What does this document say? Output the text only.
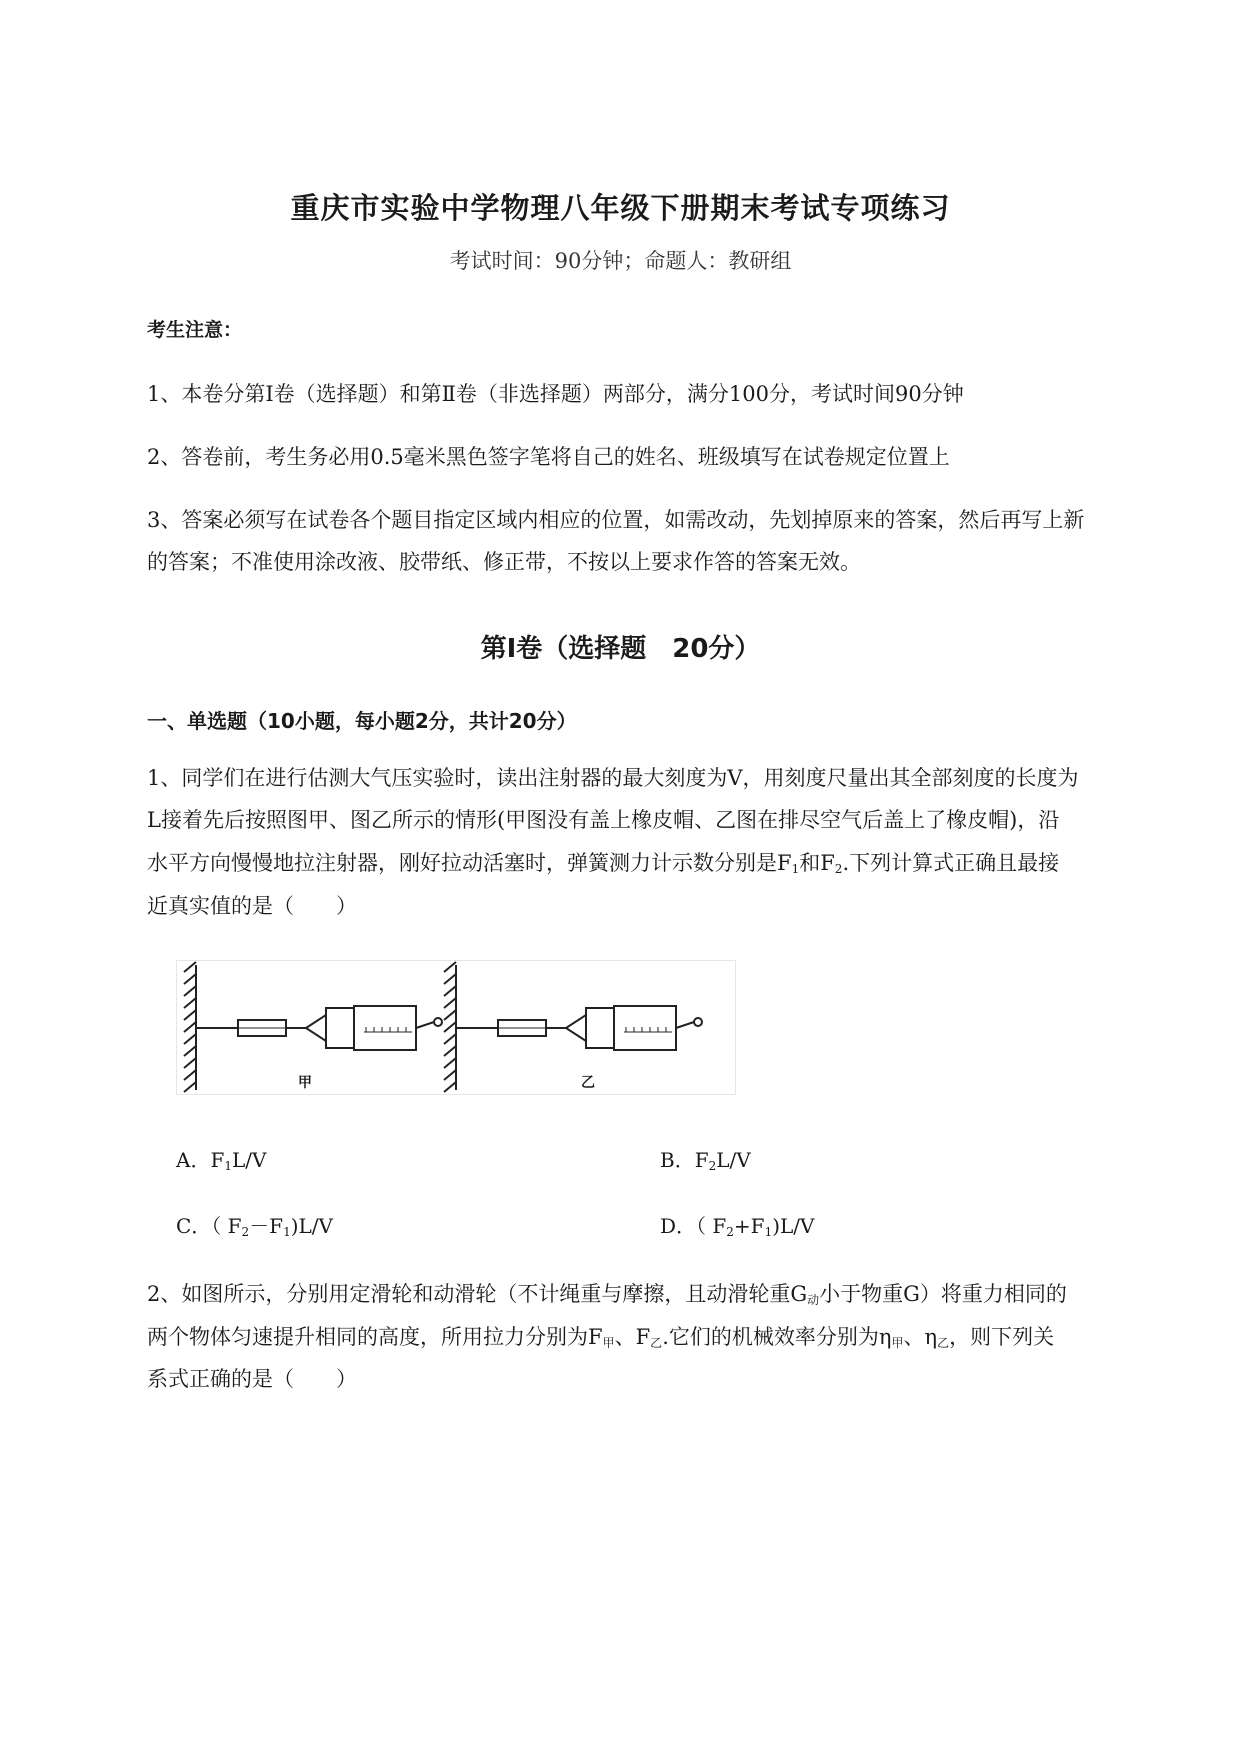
重庆市实验中学物理八年级下册期末考试专项练习
考试时间：90分钟；命题人：教研组
考生注意：
1、本卷分第Ⅰ卷（选择题）和第Ⅱ卷（非选择题）两部分，满分100分，考试时间90分钟
2、答卷前，考生务必用0.5毫米黑色签字笔将自己的姓名、班级填写在试卷规定位置上
3、答案必须写在试卷各个题目指定区域内相应的位置，如需改动，先划掉原来的答案，然后再写上新
的答案；不准使用涂改液、胶带纸、修正带，不按以上要求作答的答案无效。
第Ⅰ卷（选择题　20分）
一、单选题（10小题，每小题2分，共计20分）
1、同学们在进行估测大气压实验时，读出注射器的最大刻度为V，用刻度尺量出其全部刻度的长度为
L接着先后按照图甲、图乙所示的情形(甲图没有盖上橡皮帽、乙图在排尽空气后盖上了橡皮帽)，沿
水平方向慢慢地拉注射器，刚好拉动活塞时，弹簧测力计示数分别是$F_1$和$F_2$.下列计算式正确且最接
近真实值的是（　　）
甲	乙
A．$F_1L/V$	B．$F_2L/V$
C．（ $F_2-F_1)L/V$	D．（ $F_2+F_1)L/V$
2、如图所示，分别用定滑轮和动滑轮（不计绳重与摩擦，且动滑轮重$G_动$小于物重G）将重力相同的
两个物体匀速提升相同的高度，所用拉力分别为$F_甲$、$F_乙$.它们的机械效率分别为$\eta_甲$、$\eta_乙$，则下列关
系式正确的是（　　）
